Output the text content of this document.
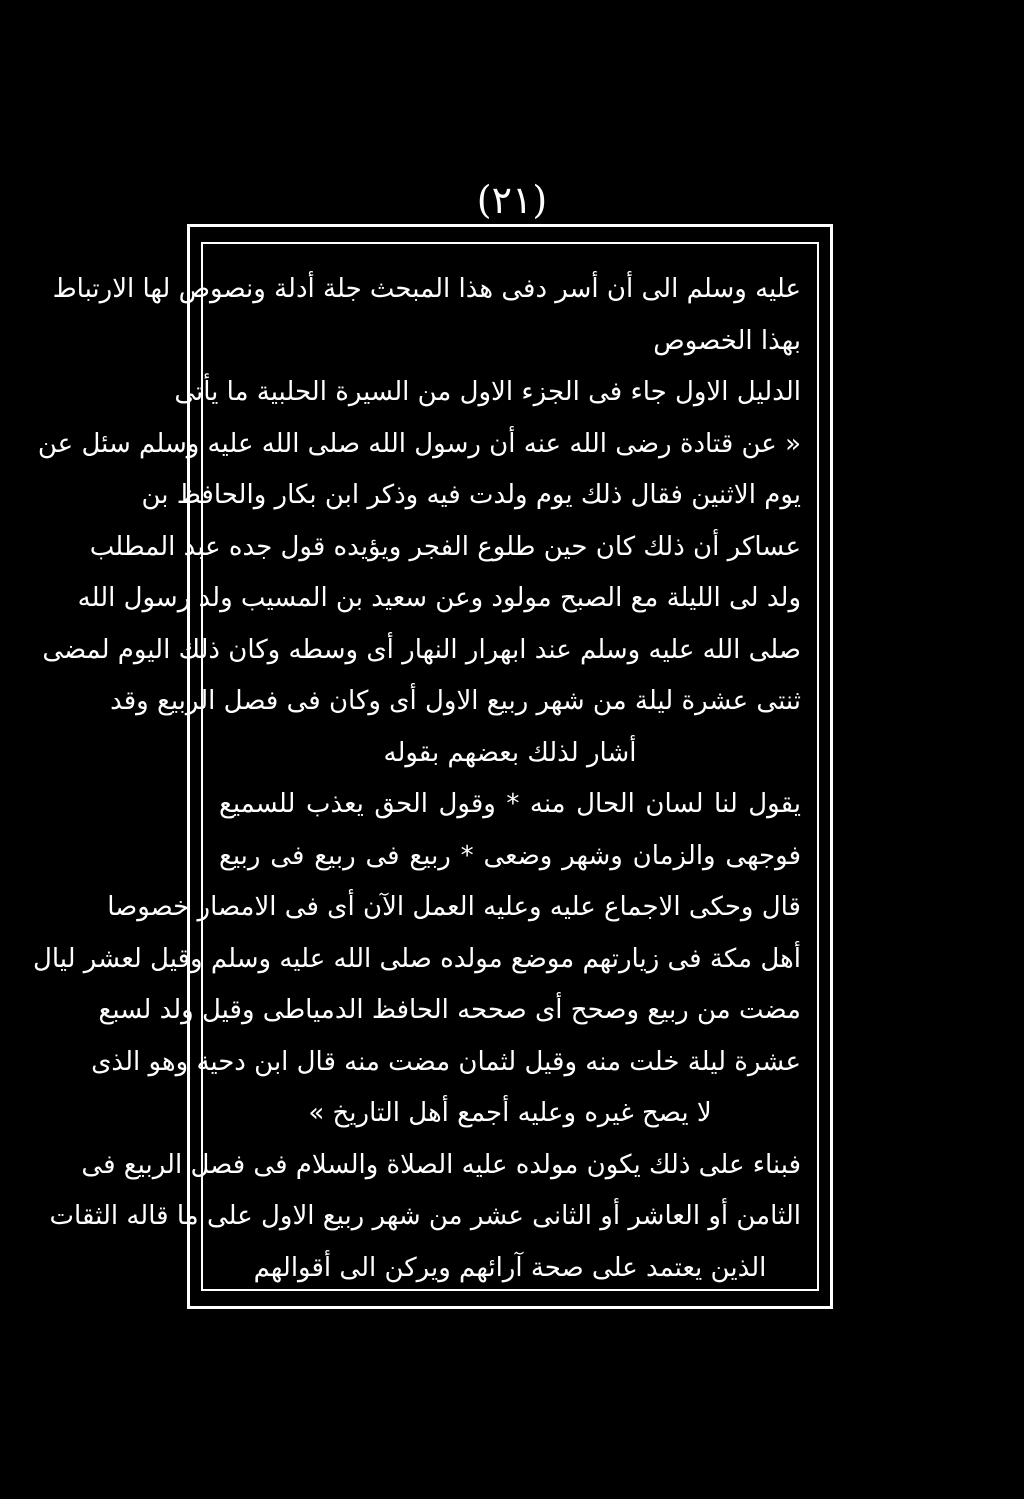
(٢١)
عليه وسلم الى أن أسر دفى هذا المبحث جلة أدلة ونصوص لها الارتباط
بهذا الخصوص
الدليل الاول جاء فى الجزء الاول من السيرة الحلبية ما يأتى
« عن قتادة رضى الله عنه أن رسول الله صلى الله عليه وسلم سئل عن
يوم الاثنين فقال ذلك يوم ولدت فيه وذكر ابن بكار والحافظ بن
عساكر أن ذلك كان حين طلوع الفجر ويؤيده قول جده عبد المطلب
ولد لى الليلة مع الصبح مولود وعن سعيد بن المسيب ولد رسول الله
صلى الله عليه وسلم عند ابهرار النهار أى وسطه وكان ذلك اليوم لمضى
ثنتى عشرة ليلة من شهر ربيع الاول أى وكان فى فصل الربيع وقد
أشار لذلك بعضهم بقوله
يقول لنا لسان الحال منه * وقول الحق يعذب للسميع
فوجهى والزمان وشهر وضعى * ربيع فى ربيع فى ربيع
قال وحكى الاجماع عليه وعليه العمل الآن أى فى الامصار خصوصا
أهل مكة فى زيارتهم موضع مولده صلى الله عليه وسلم وقيل لعشر ليال
مضت من ربيع وصحح أى صححه الحافظ الدمياطى وقيل ولد لسبع
عشرة ليلة خلت منه وقيل لثمان مضت منه قال ابن دحية وهو الذى
لا يصح غيره وعليه أجمع أهل التاريخ »
فبناء على ذلك يكون مولده عليه الصلاة والسلام فى فصل الربيع فى
الثامن أو العاشر أو الثانى عشر من شهر ربيع الاول على ما قاله الثقات
الذين يعتمد على صحة آرائهم ويركن الى أقوالهم
